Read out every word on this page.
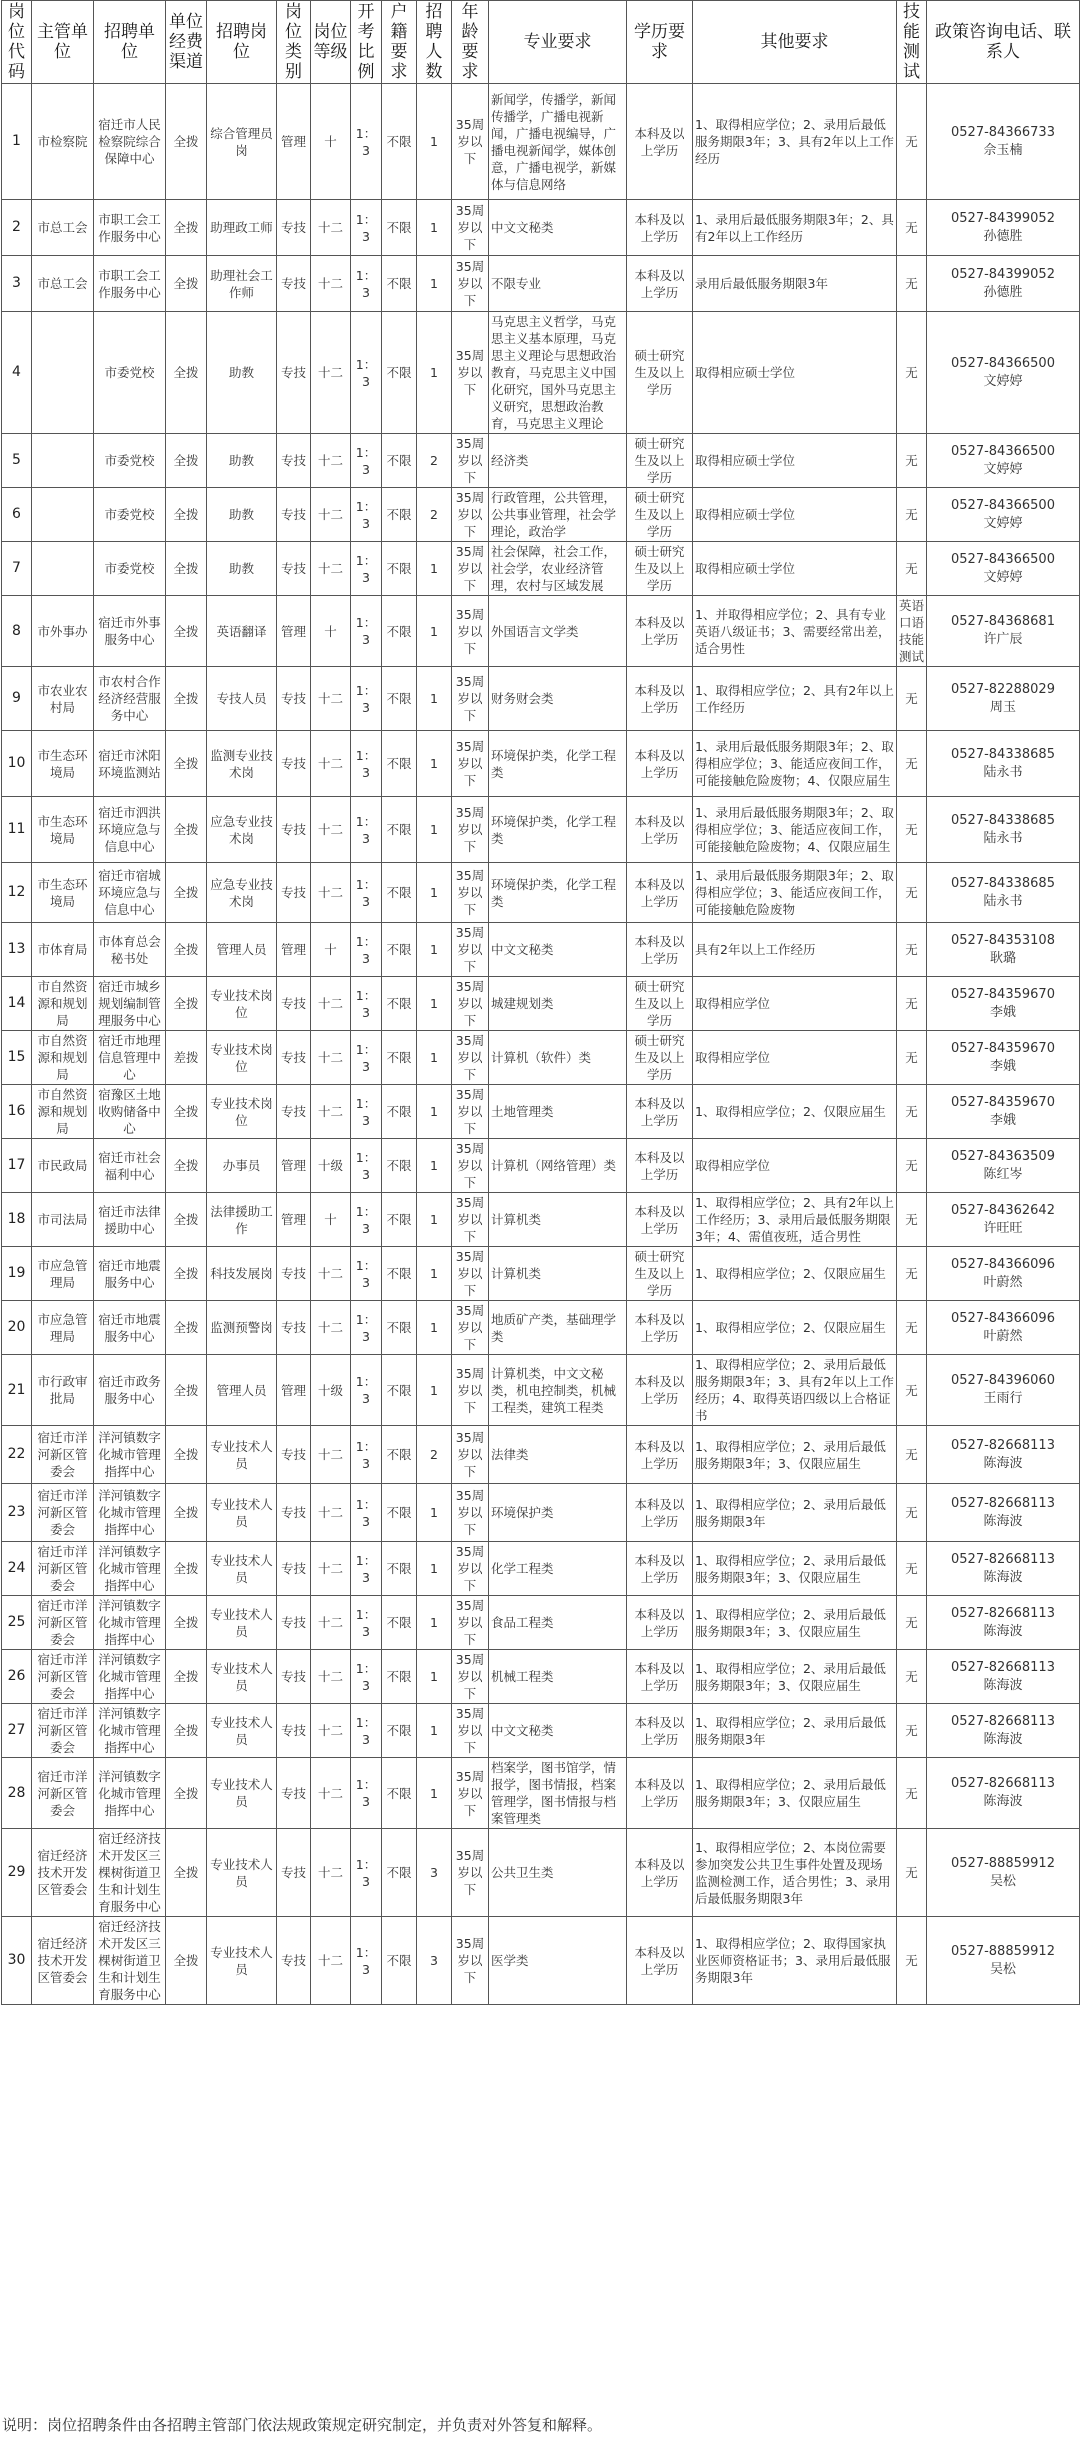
岗位代码	主管单位	招聘单位	单位经费渠道	招聘岗位	岗位类别	岗位等级	开考比例	户籍要求	招聘人数	年龄要求	专业要求	学历要求	其他要求	技能测试	政策咨询电话、联系人
1	市检察院	宿迁市人民检察院综合保障中心	全拨	综合管理员岗	管理	十	1：3	不限	1	35周岁以下	新闻学，传播学，新闻传播学，广播电视新闻，广播电视编导，广播电视新闻学，媒体创意，广播电视学，新媒体与信息网络	本科及以上学历	1、取得相应学位；2、录用后最低服务期限3年；3、具有2年以上工作经历	无	0527-84366733
佘玉楠

2	市总工会	市职工会工作服务中心	全拨	助理政工师	专技	十二	1：3	不限	1	35周岁以下	中文文秘类	本科及以上学历	1、录用后最低服务期限3年；2、具有2年以上工作经历	无	0527-84399052
孙德胜

3	市总工会	市职工会工作服务中心	全拨	助理社会工作师	专技	十二	1：3	不限	1	35周岁以下	不限专业	本科及以上学历	录用后最低服务期限3年	无	0527-84399052
孙德胜

4		市委党校	全拨	助教	专技	十二	1：3	不限	1	35周岁以下	马克思主义哲学，马克思主义基本原理，马克思主义理论与思想政治教育，马克思主义中国化研究，国外马克思主义研究，思想政治教育，马克思主义理论	硕士研究生及以上学历	取得相应硕士学位	无	0527-84366500
文婷婷

5		市委党校	全拨	助教	专技	十二	1：3	不限	2	35周岁以下	经济类	硕士研究生及以上学历	取得相应硕士学位	无	0527-84366500
文婷婷

6		市委党校	全拨	助教	专技	十二	1：3	不限	2	35周岁以下	行政管理，公共管理，公共事业管理，社会学理论，政治学	硕士研究生及以上学历	取得相应硕士学位	无	0527-84366500
文婷婷

7		市委党校	全拨	助教	专技	十二	1：3	不限	1	35周岁以下	社会保障，社会工作，社会学，农业经济管理，农村与区域发展	硕士研究生及以上学历	取得相应硕士学位	无	0527-84366500
文婷婷

8	市外事办	宿迁市外事服务中心	全拨	英语翻译	管理	十	1：3	不限	1	35周岁以下	外国语言文学类	本科及以上学历	1、并取得相应学位；2、具有专业英语八级证书；3、需要经常出差，适合男性	英语口语技能测试	0527-84368681
许广辰

9	市农业农村局	市农村合作经济经营服务中心	全拨	专技人员	专技	十二	1：3	不限	1	35周岁以下	财务财会类	本科及以上学历	1、取得相应学位；2、具有2年以上工作经历	无	0527-82288029
周玉

10	市生态环境局	宿迁市沭阳环境监测站	全拨	监测专业技术岗	专技	十二	1：3	不限	1	35周岁以下	环境保护类，化学工程类	本科及以上学历	1、录用后最低服务期限3年；2、取得相应学位；3、能适应夜间工作，可能接触危险废物；4、仅限应届生	无	0527-84338685
陆永书

11	市生态环境局	宿迁市泗洪环境应急与信息中心	全拨	应急专业技术岗	专技	十二	1：3	不限	1	35周岁以下	环境保护类，化学工程类	本科及以上学历	1、录用后最低服务期限3年；2、取得相应学位；3、能适应夜间工作，可能接触危险废物；4、仅限应届生	无	0527-84338685
陆永书

12	市生态环境局	宿迁市宿城环境应急与信息中心	全拨	应急专业技术岗	专技	十二	1：3	不限	1	35周岁以下	环境保护类，化学工程类	本科及以上学历	1、录用后最低服务期限3年；2、取得相应学位；3、能适应夜间工作，可能接触危险废物	无	0527-84338685
陆永书

13	市体育局	市体育总会秘书处	全拨	管理人员	管理	十	1：3	不限	1	35周岁以下	中文文秘类	本科及以上学历	具有2年以上工作经历	无	0527-84353108
耿璐

14	市自然资源和规划局	宿迁市城乡规划编制管理服务中心	全拨	专业技术岗位	专技	十二	1：3	不限	1	35周岁以下	城建规划类	硕士研究生及以上学历	取得相应学位	无	0527-84359670
李娥

15	市自然资源和规划局	宿迁市地理信息管理中心	差拨	专业技术岗位	专技	十二	1：3	不限	1	35周岁以下	计算机（软件）类	硕士研究生及以上学历	取得相应学位	无	0527-84359670
李娥

16	市自然资源和规划局	宿豫区土地收购储备中心	全拨	专业技术岗位	专技	十二	1：3	不限	1	35周岁以下	土地管理类	本科及以上学历	1、取得相应学位；2、仅限应届生	无	0527-84359670
李娥

17	市民政局	宿迁市社会福利中心	全拨	办事员	管理	十级	1：3	不限	1	35周岁以下	计算机（网络管理）类	本科及以上学历	取得相应学位	无	0527-84363509
陈红岑

18	市司法局	宿迁市法律援助中心	全拨	法律援助工作	管理	十	1：3	不限	1	35周岁以下	计算机类	本科及以上学历	1、取得相应学位；2、具有2年以上工作经历；3、录用后最低服务期限3年；4、需值夜班，适合男性	无	0527-84362642
许旺旺

19	市应急管理局	宿迁市地震服务中心	全拨	科技发展岗	专技	十二	1：3	不限	1	35周岁以下	计算机类	硕士研究生及以上学历	1、取得相应学位；2、仅限应届生	无	0527-84366096
叶蔚然

20	市应急管理局	宿迁市地震服务中心	全拨	监测预警岗	专技	十二	1：3	不限	1	35周岁以下	地质矿产类，基础理学类	本科及以上学历	1、取得相应学位；2、仅限应届生	无	0527-84366096
叶蔚然

21	市行政审批局	宿迁市政务服务中心	全拨	管理人员	管理	十级	1：3	不限	1	35周岁以下	计算机类，中文文秘类，机电控制类，机械工程类，建筑工程类	本科及以上学历	1、取得相应学位；2、录用后最低服务期限3年；3、具有2年以上工作经历；4、取得英语四级以上合格证书	无	0527-84396060
王雨行

22	宿迁市洋河新区管委会	洋河镇数字化城市管理指挥中心	全拨	专业技术人员	专技	十二	1：3	不限	2	35周岁以下	法律类	本科及以上学历	1、取得相应学位；2、录用后最低服务期限3年；3、仅限应届生	无	0527-82668113
陈海波

23	宿迁市洋河新区管委会	洋河镇数字化城市管理指挥中心	全拨	专业技术人员	专技	十二	1：3	不限	1	35周岁以下	环境保护类	本科及以上学历	1、取得相应学位；2、录用后最低服务期限3年	无	0527-82668113
陈海波

24	宿迁市洋河新区管委会	洋河镇数字化城市管理指挥中心	全拨	专业技术人员	专技	十二	1：3	不限	1	35周岁以下	化学工程类	本科及以上学历	1、取得相应学位；2、录用后最低服务期限3年；3、仅限应届生	无	0527-82668113
陈海波

25	宿迁市洋河新区管委会	洋河镇数字化城市管理指挥中心	全拨	专业技术人员	专技	十二	1：3	不限	1	35周岁以下	食品工程类	本科及以上学历	1、取得相应学位；2、录用后最低服务期限3年；3、仅限应届生	无	0527-82668113
陈海波

26	宿迁市洋河新区管委会	洋河镇数字化城市管理指挥中心	全拨	专业技术人员	专技	十二	1：3	不限	1	35周岁以下	机械工程类	本科及以上学历	1、取得相应学位；2、录用后最低服务期限3年；3、仅限应届生	无	0527-82668113
陈海波

27	宿迁市洋河新区管委会	洋河镇数字化城市管理指挥中心	全拨	专业技术人员	专技	十二	1：3	不限	1	35周岁以下	中文文秘类	本科及以上学历	1、取得相应学位；2、录用后最低服务期限3年	无	0527-82668113
陈海波

28	宿迁市洋河新区管委会	洋河镇数字化城市管理指挥中心	全拨	专业技术人员	专技	十二	1：3	不限	1	35周岁以下	档案学，图书馆学，情报学，图书情报，档案管理学，图书情报与档案管理类	本科及以上学历	1、取得相应学位；2、录用后最低服务期限3年；3、仅限应届生	无	0527-82668113
陈海波

29	宿迁经济技术开发区管委会	宿迁经济技术开发区三棵树街道卫生和计划生育服务中心	全拨	专业技术人员	专技	十二	1：3	不限	3	35周岁以下	公共卫生类	本科及以上学历	1、取得相应学位；2、本岗位需要参加突发公共卫生事件处置及现场监测检测工作，适合男性；3、录用后最低服务期限3年	无	0527-88859912
吴松

30	宿迁经济技术开发区管委会	宿迁经济技术开发区三棵树街道卫生和计划生育服务中心	全拨	专业技术人员	专技	十二	1：3	不限	3	35周岁以下	医学类	本科及以上学历	1、取得相应学位；2、取得国家执业医师资格证书；3、录用后最低服务期限3年	无	0527-88859912
吴松
说明：岗位招聘条件由各招聘主管部门依法规政策规定研究制定，并负责对外答复和解释。
